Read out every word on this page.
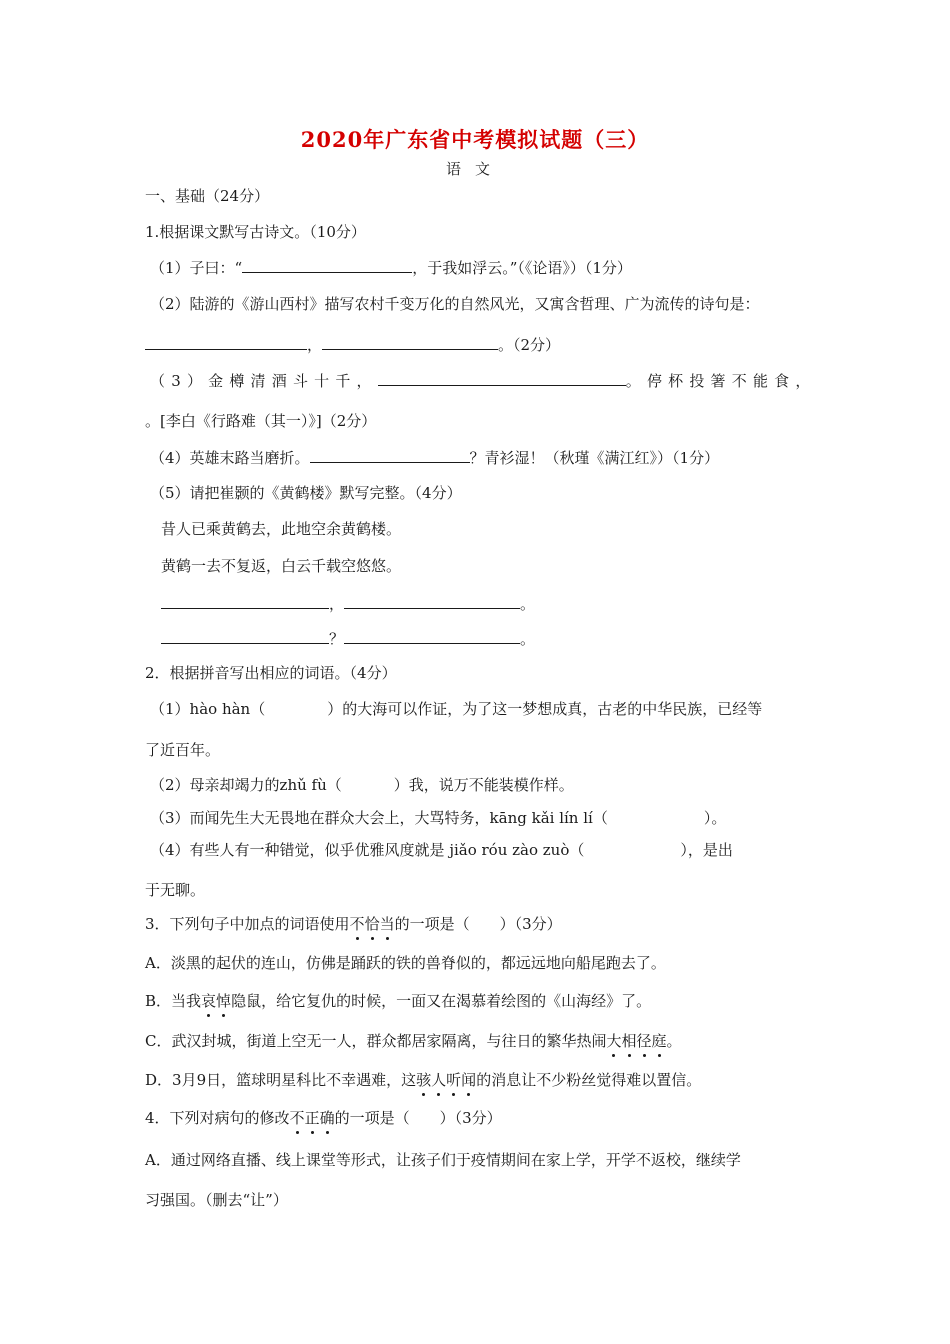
2020年广东省中考模拟试题（三）
语文
一、基础（24分）
1.根据课文默写古诗文。（10分）
（1）子曰：“	，于我如浮云。”（《论语》）（1分）
（2）陆游的《游山西村》描写农村千变万化的自然风光，又寓含哲理、广为流传的诗句是：
，	。（2分）
（3）金樽清酒斗十千，	。停杯投箸不能食，
。[李白《行路难（其一）》]（2分）
（4）英雄末路当磨折。	？青衫湿！（秋瑾《满江红》）（1分）
（5）请把崔颢的《黄鹤楼》默写完整。（4分）
昔人已乘黄鹤去，此地空余黄鹤楼。
黄鹤一去不复返，白云千载空悠悠。
，	。
？	。
2．根据拼音写出相应的词语。（4分）
（1）hào hàn（	）的大海可以作证，为了这一梦想成真，古老的中华民族，已经等
了近百年。
（2）母亲却竭力的zhǔ fù（	）我，说万不能装模作样。
（3）而闻先生大无畏地在群众大会上，大骂特务，kāng kǎi lín lí（	）。
（4）有些人有一种错觉，似乎优雅风度就是 jiǎo róu zào zuò（	），是出
于无聊。
3．下列句子中加点的词语使用不恰当的一项是（ ）（3分）
A．淡黑的起伏的连山，仿佛是踊跃的铁的兽脊似的，都远远地向船尾跑去了。
B．当我哀悼隐鼠，给它复仇的时候，一面又在渴慕着绘图的《山海经》了。
C．武汉封城，街道上空无一人，群众都居家隔离，与往日的繁华热闹大相径庭。
D．3月9日，篮球明星科比不幸遇难，这骇人听闻的消息让不少粉丝觉得难以置信。
4．下列对病句的修改不正确的一项是（ ）（3分）
A．通过网络直播、线上课堂等形式，让孩子们于疫情期间在家上学，开学不返校，继续学
习强国。（删去“让”）
